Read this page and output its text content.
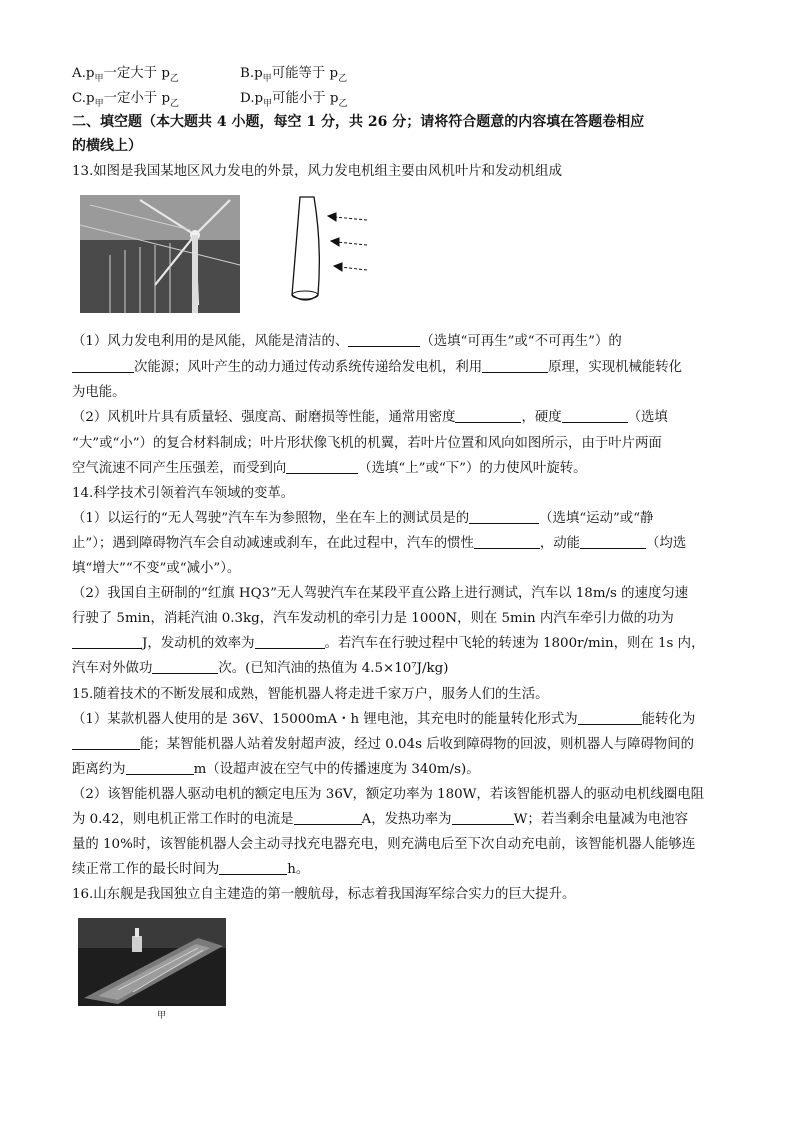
$A.p_甲$一定大于 $p_乙$	$B.p_甲$可能等于 $p_乙$
$C.p_甲$一定小于 $p_乙$	$D.p_甲$可能小于 $p_乙$
二、填空题（本大题共 4 小题，每空 1 分，共 26 分；请将符合题意的内容填在答题卷相应
的横线上）
13.如图是我国某地区风力发电的外景，风力发电机组主要由风机叶片和发动机组成
（1）风力发电利用的是风能，风能是清洁的、	（选填“可再生”或“不可再生”）的
次能源；风叶产生的动力通过传动系统传递给发电机，利用	原理，实现机械能转化
为电能。
（2）风机叶片具有质量轻、强度高、耐磨损等性能，通常用密度	，硬度	（选填
“大”或“小”）的复合材料制成；叶片形状像飞机的机翼，若叶片位置和风向如图所示，由于叶片两面
空气流速不同产生压强差，而受到向	（选填“上”或“下”）的力使风叶旋转。
14.科学技术引领着汽车领域的变革。
（1）以运行的“无人驾驶”汽车车为参照物，坐在车上的测试员是的	（选填“运动”或“静
止”）；遇到障碍物汽车会自动减速或刹车，在此过程中，汽车的惯性	，动能	（均选
填“增大”“不变”或“减小”）。
（2）我国自主研制的“红旗 HQ3”无人驾驶汽车在某段平直公路上进行测试，汽车以 18m/s 的速度匀速
行驶了 5min，消耗汽油 0.3kg，汽车发动机的牵引力是 1000N，则在 5min 内汽车牵引力做的功为
J，发动机的效率为	。若汽车在行驶过程中飞轮的转速为 1800r/min，则在 1s 内，
汽车对外做功	次。(已知汽油的热值为 4.5×10⁷J/kg)
15.随着技术的不断发展和成熟，智能机器人将走进千家万户，服务人们的生活。
（1）某款机器人使用的是 36V、15000mA・h 锂电池，其充电时的能量转化形式为	能转化为
能；某智能机器人站着发射超声波，经过 0.04s 后收到障碍物的回波，则机器人与障碍物间的
距离约为	m（设超声波在空气中的传播速度为 340m/s)。
（2）该智能机器人驱动电机的额定电压为 36V，额定功率为 180W，若该智能机器人的驱动电机线圈电阻
为 0.42，则电机正常工作时的电流是	A，发热功率为	W；若当剩余电量减为电池容
量的 10%时，该智能机器人会主动寻找充电器充电，则充满电后至下次自动充电前，该智能机器人能够连
续正常工作的最长时间为	h。
16.山东舰是我国独立自主建造的第一艘航母，标志着我国海军综合实力的巨大提升。
甲
